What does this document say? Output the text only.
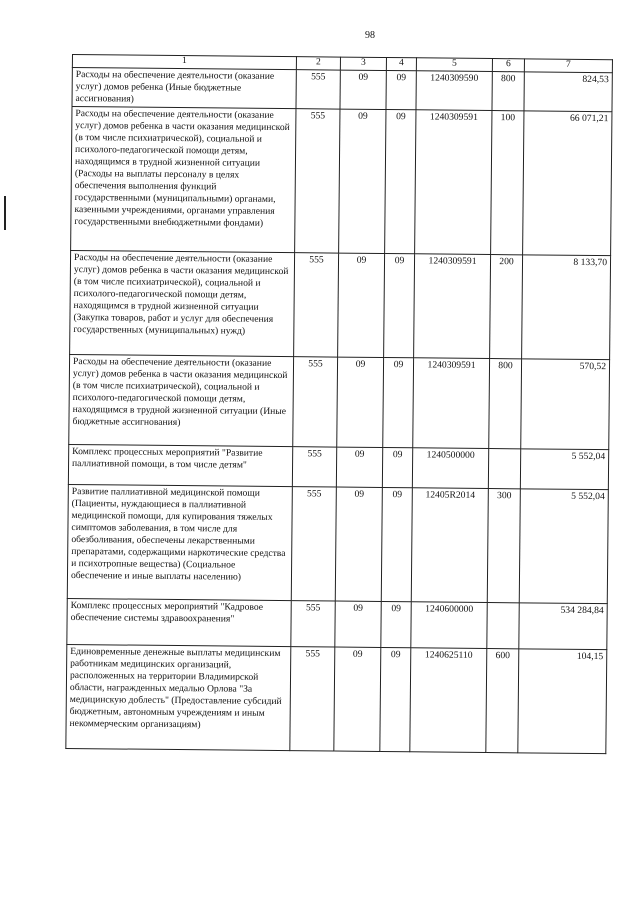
98
1	2	3	4	5	6	7
Расходы на обеспечение деятельности (оказание услуг) домов ребенка (Иные бюджетные ассигнования)	555	09	09	1240309590	800	824,53
Расходы на обеспечение деятельности (оказание услуг) домов ребенка в части оказания медицинской (в том числе психиатрической), социальной и психолого-педагогической помощи детям, находящимся в трудной жизненной ситуации (Расходы на выплаты персоналу в целях обеспечения выполнения функций государственными (муниципальными) органами, казенными учреждениями, органами управления государственными внебюджетными фондами)	555	09	09	1240309591	100	66 071,21
Расходы на обеспечение деятельности (оказание услуг) домов ребенка в части оказания медицинской (в том числе психиатрической), социальной и психолого-педагогической помощи детям, находящимся в трудной жизненной ситуации (Закупка товаров, работ и услуг для обеспечения государственных (муниципальных) нужд)	555	09	09	1240309591	200	8 133,70
Расходы на обеспечение деятельности (оказание услуг) домов ребенка в части оказания медицинской (в том числе психиатрической), социальной и психолого-педагогической помощи детям, находящимся в трудной жизненной ситуации (Иные бюджетные ассигнования)	555	09	09	1240309591	800	570,52
Комплекс процессных мероприятий "Развитие паллиативной помощи, в том числе детям"	555	09	09	1240500000		5 552,04
Развитие паллиативной медицинской помощи (Пациенты, нуждающиеся в паллиативной медицинской помощи, для купирования тяжелых симптомов заболевания, в том числе для обезболивания, обеспечены лекарственными препаратами, содержащими наркотические средства и психотропные вещества) (Социальное обеспечение и иные выплаты населению)	555	09	09	12405R2014	300	5 552,04
Комплекс процессных мероприятий "Кадровое обеспечение системы здравоохранения"	555	09	09	1240600000		534 284,84
Единовременные денежные выплаты медицинским работникам медицинских организаций, расположенных на территории Владимирской области, награжденных медалью Орлова "За медицинскую доблесть" (Предоставление субсидий бюджетным, автономным учреждениям и иным некоммерческим организациям)	555	09	09	1240625110	600	104,15
